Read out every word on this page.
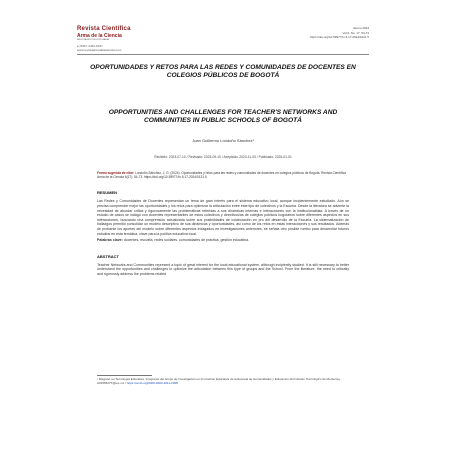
Revista Científica
Arma de la Ciencia
REVISTA MULTIDISCIPLINARIA
e-ISSN: 2432-9197
www.revistaarmadelaciencia.com
Enero 2024
Vol.6, No. 17, 54-73
https://doi.org/10.59977/rc.6.17.2024/0131.5
OPORTUNIDADES Y RETOS PARA LAS REDES Y COMUNIDADES DE DOCENTES EN COLEGIOS PÚBLICOS DE BOGOTÁ
OPPORTUNITIES AND CHALLENGES FOR TEACHER'S NETWORKS AND COMMUNITIES IN PUBLIC SCHOOLS OF BOGOTÁ
Juan Guillermo Londoño Sánchez¹
Recibido: 2023-07-10 / Revisado: 2023-09-10 / Aceptado: 2023-11-03 / Publicado: 2024-01-01
Forma sugerida de citar: Londoño-Sánchez, J. G. (2024). Oportunidades y retos para las redes y comunidades de docentes en colegios públicos de Bogotá. Revista Científica Arma de la Ciencia 6(17), 54-73. https://doi.org/10.59977/rc.6.17.2024/0131.5
RESUMEN

Las Redes y Comunidades de Docentes representan un tema de gran interés para el sistema educativo local, aunque incipientemente estudiado. Aún se precisa comprender mejor las oportunidades y los retos para optimizar la articulación entre este tipo de colectivos y la Escuela. Desde la literatura se advierte la necesidad de abordar crítica y rigurosamente las problemáticas referidas a sus dinámicas internas e interacciones con la institucionalidad. A través de un estudio de casos se indagó con docentes representantes de estos colectivos y directivos/as de colegios públicos bogotanos sobre diferentes aspectos en sus interacciones, buscando una comprensión actualizada sobre sus posibilidades de colaboración en pro del desarrollo de la Escuela. La sistematización de hallazgos permitió consolidar un modelo descriptivo de sus dinámicas y oportunidades, así como de los retos en estas interacciones y sus resultados. Además de probarse los aportes del modelo sobre diferentes aspectos indagados en investigaciones anteriores, se señala otro posible rumbo para desarrollar futuros estudios en esta temática, clave para la política educativa local.

Palabras clave: docentes, escuela, redes sociales, comunidades de práctica, gestión educativa.
ABSTRACT

Teacher Networks and Communities represent a topic of great interest for the local educational system, although incipiently studied. It is still necessary to better understand the opportunities and challenges to optimize the articulation between this type of groups and the School. From the literature, the need to critically and rigorously address the problems related

¹ Magíster en Tecnología Educativa. Integrante del Grupo de Investigación en Innovación Educativa de la Escuela de Humanidades y Educación del Instituto Tecnológico de Monterrey. A01665277@tec.mx / https://orcid.org/0000-0003-4011-2398
